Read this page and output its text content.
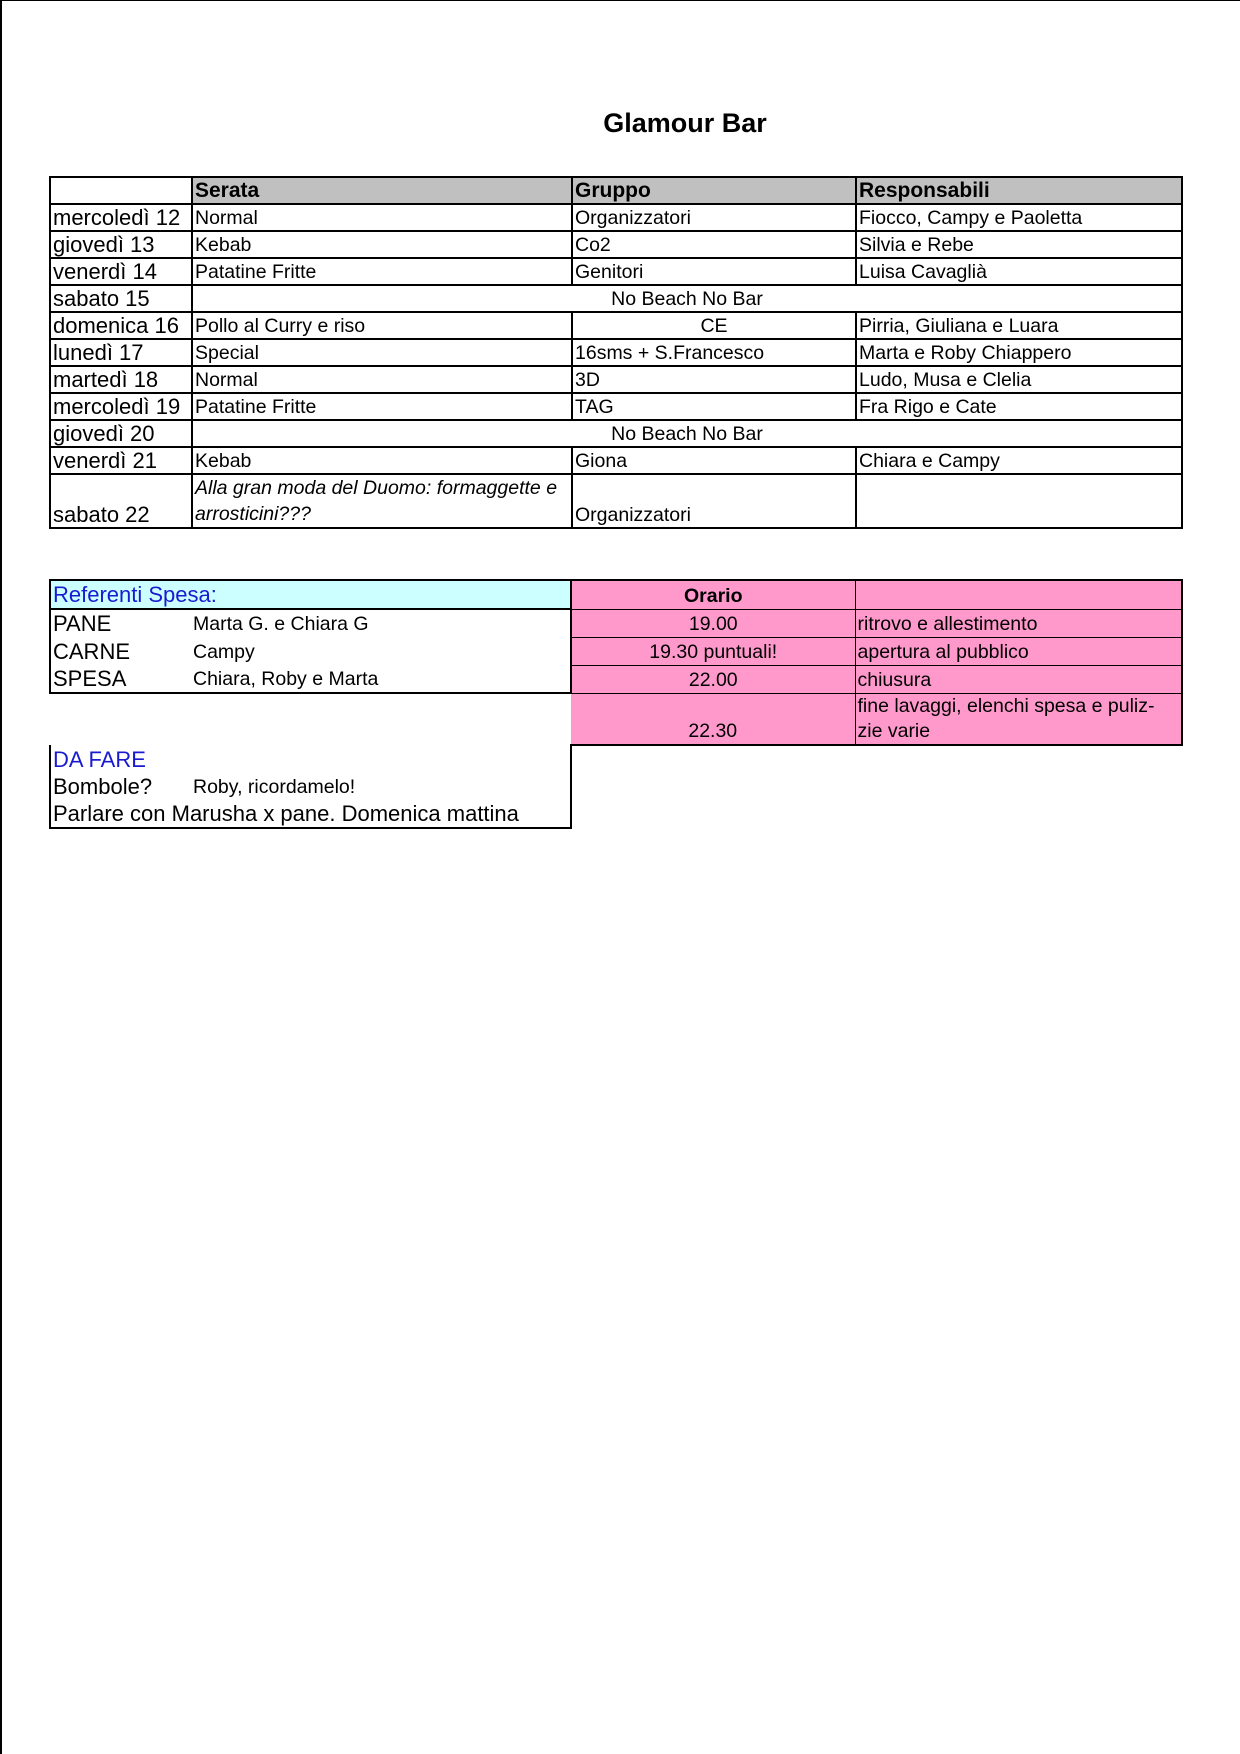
Glamour Bar
	Serata	Gruppo	Responsabili
mercoledì 12	Normal	Organizzatori	Fiocco, Campy e Paoletta
giovedì 13	Kebab	Co2	Silvia e Rebe
venerdì 14	Patatine Fritte	Genitori	Luisa Cavaglià
sabato 15	No Beach No Bar		
domenica 16	Pollo al Curry e riso	CE	Pirria, Giuliana e Luara
lunedì 17	Special	16sms + S.Francesco	Marta e Roby Chiappero
martedì 18	Normal	3D	Ludo, Musa e Clelia
mercoledì 19	Patatine Fritte	TAG	Fra Rigo e Cate
giovedì 20	No Beach No Bar		
venerdì 21	Kebab	Giona	Chiara e Campy
sabato 22	Alla gran moda del Duomo: formaggette e arrosticini???	Organizzatori	
Referenti Spesa:		Orario	
PANE	Marta G. e Chiara G	19.00	ritrovo e allestimento
CARNE	Campy	19.30 puntuali!	apertura al pubblico
SPESA	Chiara, Roby e Marta	22.00	chiusura
		22.30	fine lavaggi, elenchi spesa e puliz-zie varie
DA FARE			
Bombole?	Roby, ricordamelo!		
Parlare con Marusha x pane. Domenica mattina			
